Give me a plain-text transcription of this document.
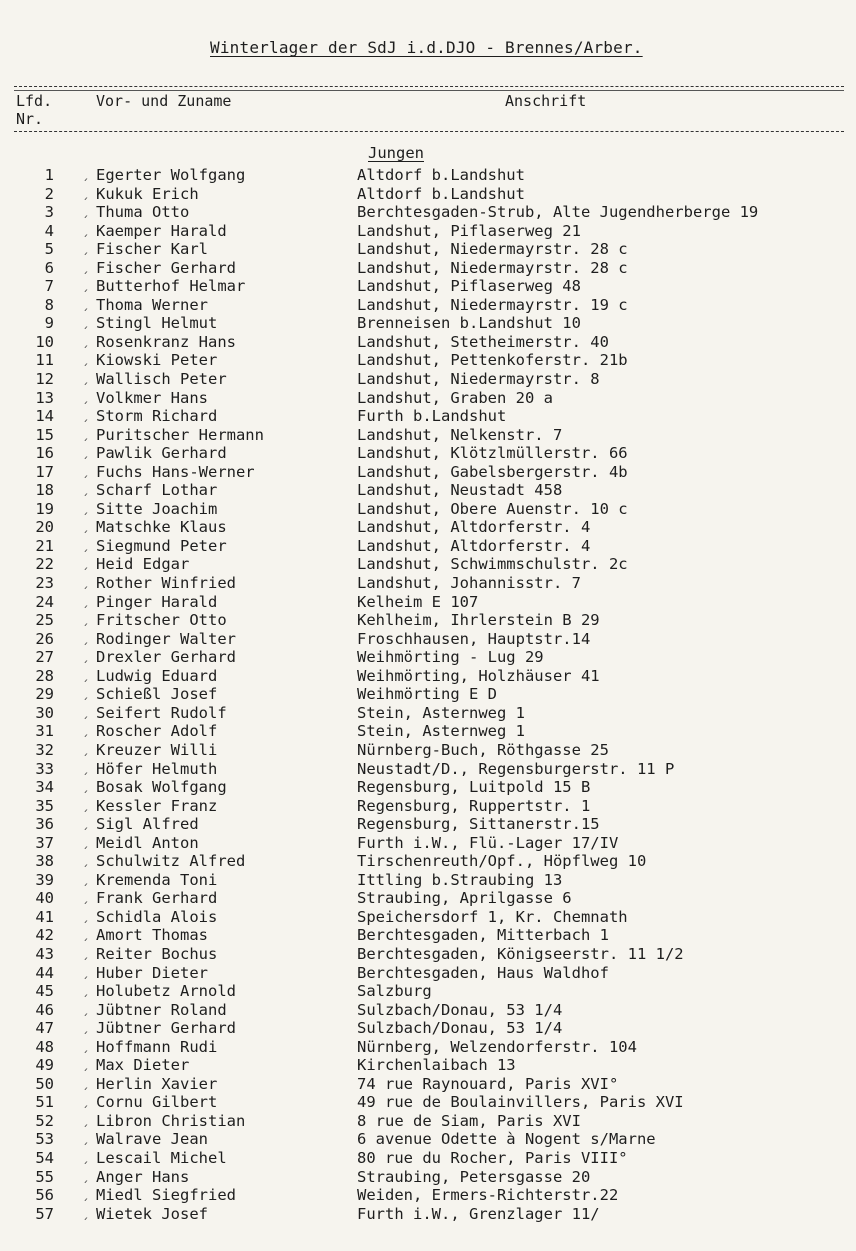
Winterlager der SdJ i.d.DJO - Brennes/Arber.
Lfd.
Nr.
Vor- und Zuname	Anschrift
Jungen
1 ˏ Egerter Wolfgang	Altdorf b.Landshut
2 ˏ Kukuk Erich	Altdorf b.Landshut
3 ˏ Thuma Otto	Berchtesgaden-Strub, Alte Jugendherberge 19
4 ˏ Kaemper Harald	Landshut, Piflaserweg 21
5 ˏ Fischer Karl	Landshut, Niedermayrstr. 28 c
6 ˏ Fischer Gerhard	Landshut, Niedermayrstr. 28 c
7 ˏ Butterhof Helmar	Landshut, Piflaserweg 48
8 ˏ Thoma Werner	Landshut, Niedermayrstr. 19 c
9 ˏ Stingl Helmut	Brenneisen b.Landshut 10
10 ˏ Rosenkranz Hans	Landshut, Stetheimerstr. 40
11 ˏ Kiowski Peter	Landshut, Pettenkoferstr. 21b
12 ˏ Wallisch Peter	Landshut, Niedermayrstr. 8
13 ˏ Volkmer Hans	Landshut, Graben 20 a
14 ˏ Storm Richard	Furth b.Landshut
15 ˏ Puritscher Hermann	Landshut, Nelkenstr. 7
16 ˏ Pawlik Gerhard	Landshut, Klötzlmüllerstr. 66
17 ˏ Fuchs Hans-Werner	Landshut, Gabelsbergerstr. 4b
18 ˏ Scharf Lothar	Landshut, Neustadt 458
19 ˏ Sitte Joachim	Landshut, Obere Auenstr. 10 c
20 ˏ Matschke Klaus	Landshut, Altdorferstr. 4
21 ˏ Siegmund Peter	Landshut, Altdorferstr. 4
22 ˏ Heid Edgar	Landshut, Schwimmschulstr. 2c
23 ˏ Rother Winfried	Landshut, Johannisstr. 7
24 ˏ Pinger Harald	Kelheim E 107
25 ˏ Fritscher Otto	Kehlheim, Ihrlerstein B 29
26 ˏ Rodinger Walter	Froschhausen, Hauptstr.14
27 ˏ Drexler Gerhard	Weihmörting - Lug 29
28 ˏ Ludwig Eduard	Weihmörting, Holzhäuser 41
29 ˏ Schießl Josef	Weihmörting E D
30 ˏ Seifert Rudolf	Stein, Asternweg 1
31 ˏ Roscher Adolf	Stein, Asternweg 1
32 ˏ Kreuzer Willi	Nürnberg-Buch, Röthgasse 25
33 ˏ Höfer Helmuth	Neustadt/D., Regensburgerstr. 11 P
34 ˏ Bosak Wolfgang	Regensburg, Luitpold 15 B
35 ˏ Kessler Franz	Regensburg, Ruppertstr. 1
36 ˏ Sigl Alfred	Regensburg, Sittanerstr.15
37 ˏ Meidl Anton	Furth i.W., Flü.-Lager 17/IV
38 ˏ Schulwitz Alfred	Tirschenreuth/Opf., Höpflweg 10
39 ˏ Kremenda Toni	Ittling b.Straubing 13
40 ˏ Frank Gerhard	Straubing, Aprilgasse 6
41 ˏ Schidla Alois	Speichersdorf 1, Kr. Chemnath
42 ˏ Amort Thomas	Berchtesgaden, Mitterbach 1
43 ˏ Reiter Bochus	Berchtesgaden, Königseerstr. 11 1/2
44 ˏ Huber Dieter	Berchtesgaden, Haus Waldhof
45 ˏ Holubetz Arnold	Salzburg
46 ˏ Jübtner Roland	Sulzbach/Donau, 53 1/4
47 ˏ Jübtner Gerhard	Sulzbach/Donau, 53 1/4
48 ˏ Hoffmann Rudi	Nürnberg, Welzendorferstr. 104
49 ˏ Max Dieter	Kirchenlaibach 13
50 ˏ Herlin Xavier	74 rue Raynouard, Paris XVI°
51 ˏ Cornu Gilbert	49 rue de Boulainvillers, Paris XVI
52 ˏ Libron Christian	8 rue de Siam, Paris XVI
53 ˏ Walrave Jean	6 avenue Odette à Nogent s/Marne
54 ˏ Lescail Michel	80 rue du Rocher, Paris VIII°
55 ˏ Anger Hans	Straubing, Petersgasse 20
56 ˏ Miedl Siegfried	Weiden, Ermers-Richterstr.22
57 ˏ Wietek Josef	Furth i.W., Grenzlager 11/
